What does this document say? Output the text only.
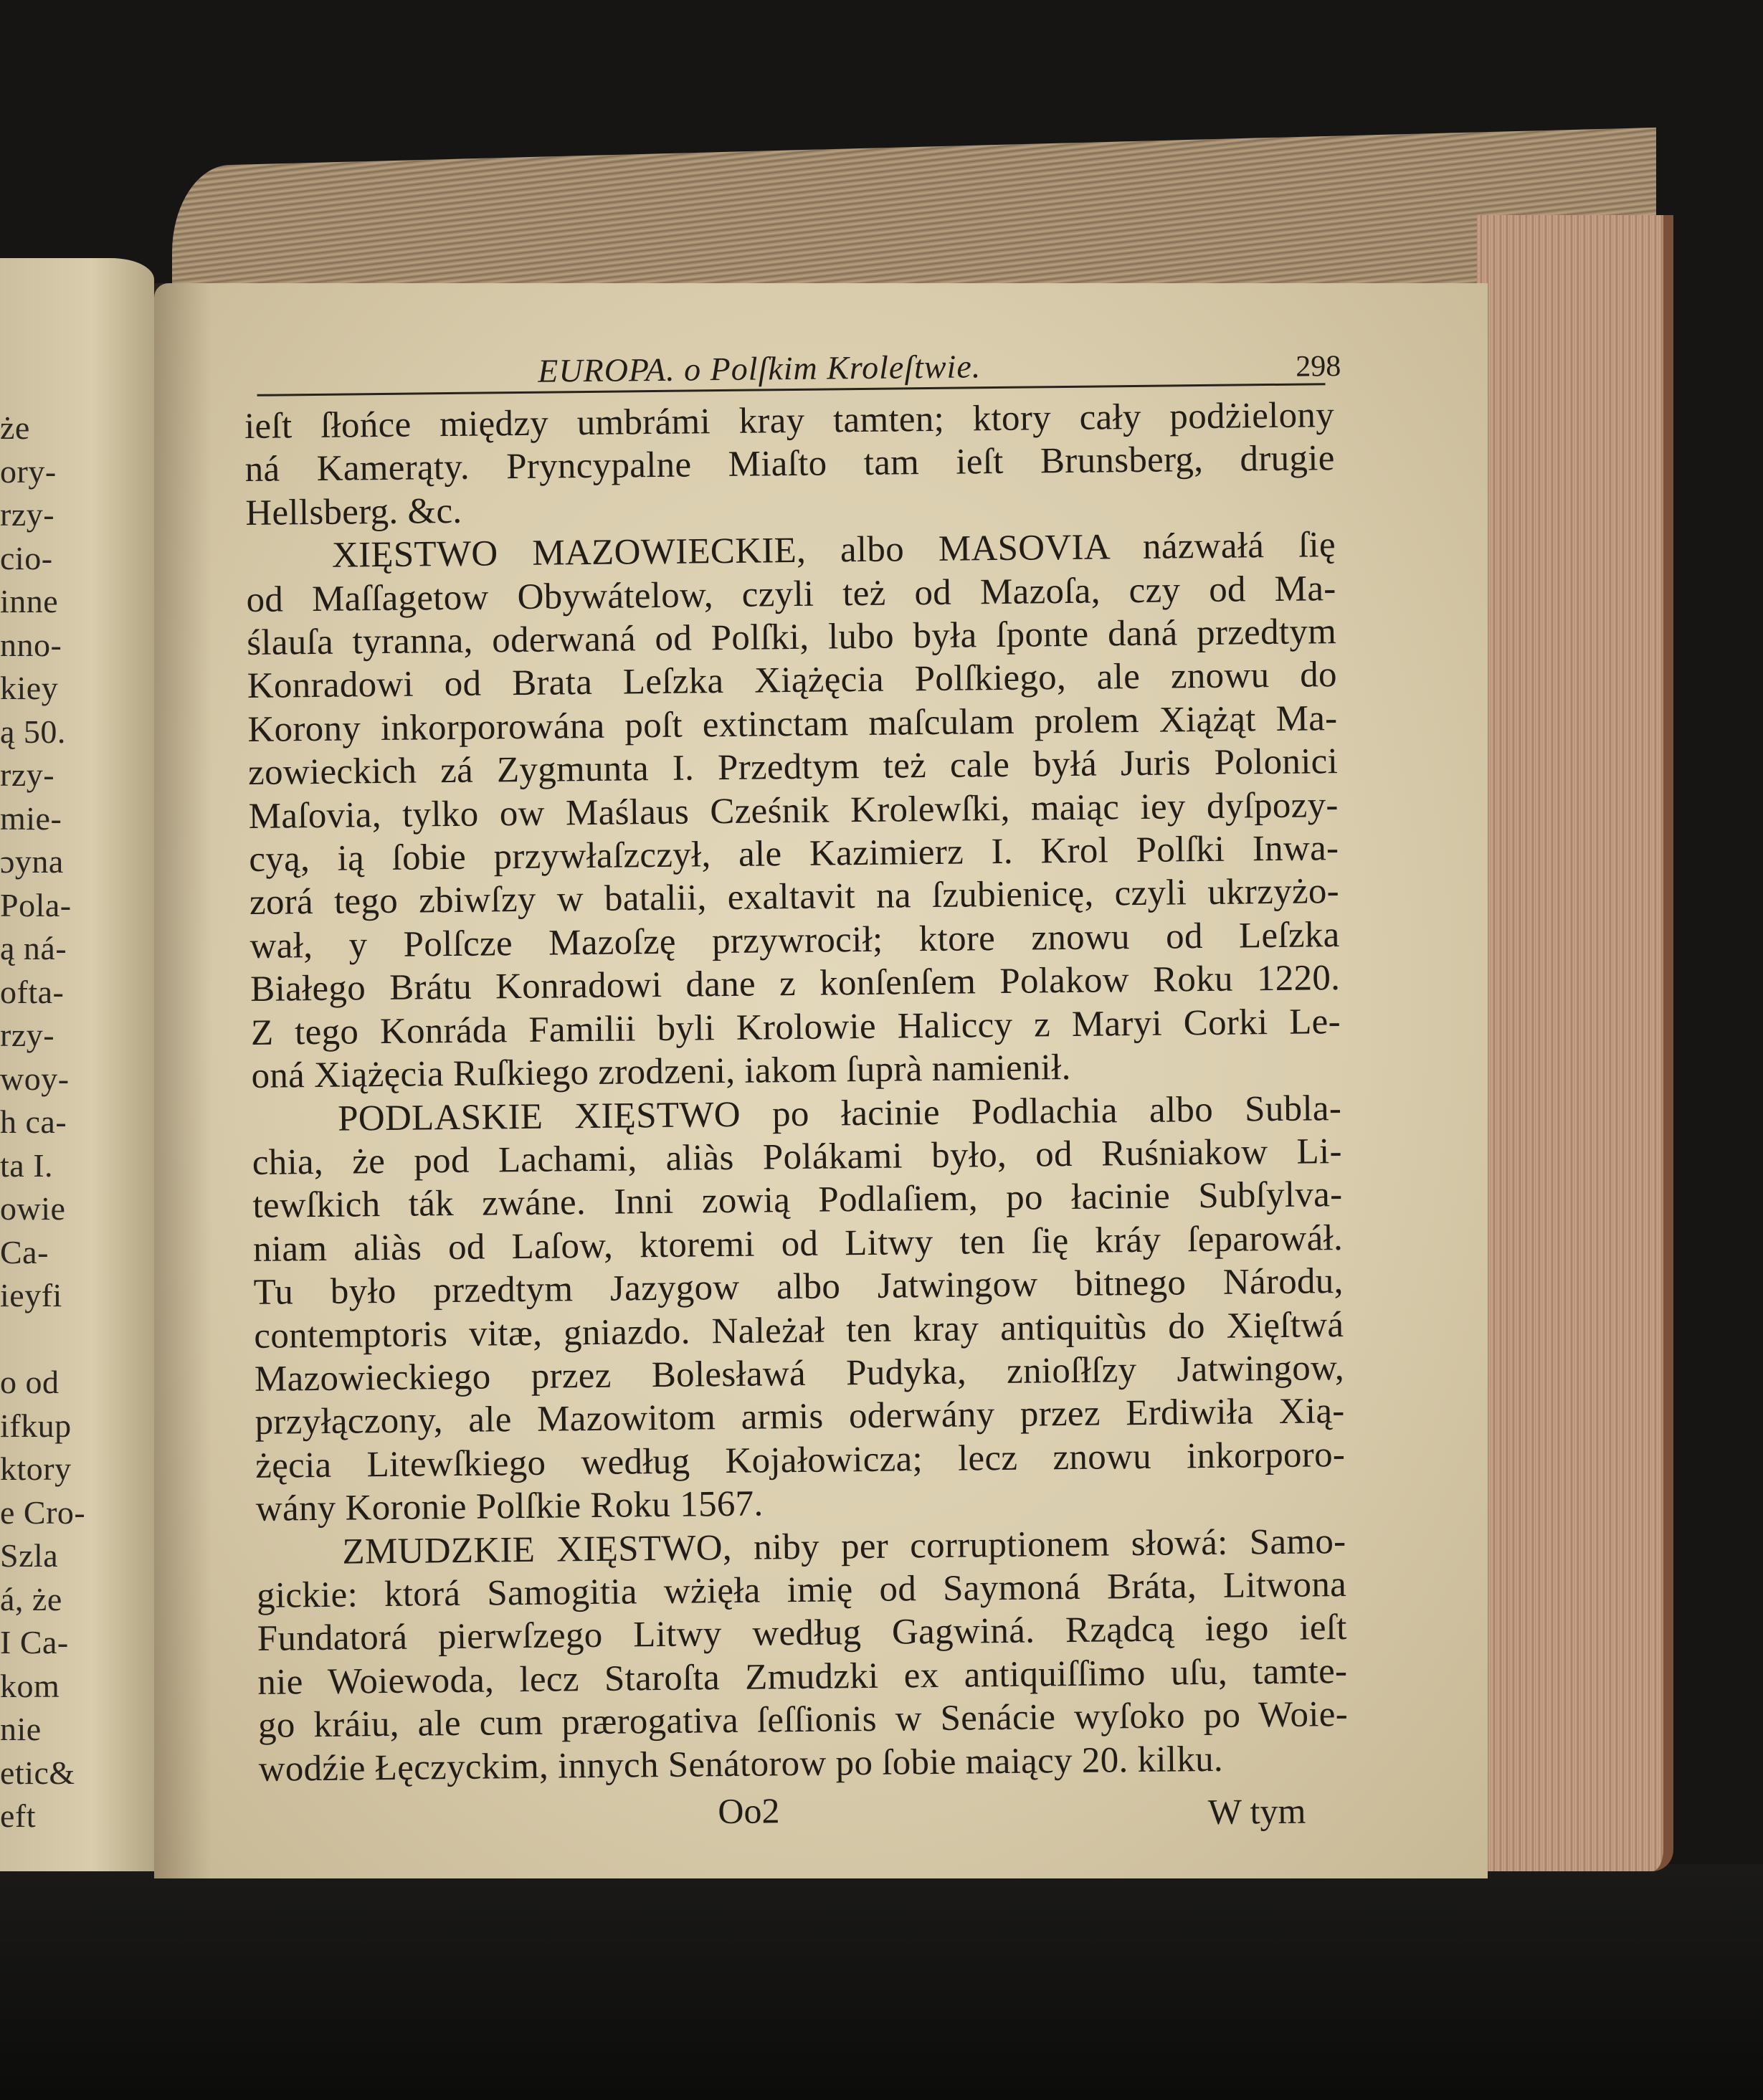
że
ory-
rzy-
cio-
inne
nno-
kiey
ą 50.
rzy-
mie-
ɔyna
Pola-
ą ná-
ofta-
rzy-
woy-
h ca-
ta I.
owie
Ca-
ieyfi
o od
ifkup
ktory
e Cro-
Szla
á, że
I Ca-
kom
nie
etic&
eft
EUROPA. o Polſkim Kroleſtwie.	298
ieſt ſłońce między umbrámi kray tamten; ktory cały podżielony
ná Kamerąty. Pryncypalne Miaſto tam ieſt Brunsberg, drugie
Hellsberg. &c.
XIĘSTWO MAZOWIECKIE, albo MASOVIA názwałá ſię
od Maſſagetow Obywátelow, czyli też od Mazoſa, czy od Ma-
ślauſa tyranna, oderwaná od Polſki, lubo była ſponte daná przedtym
Konradowi od Brata Leſzka Xiążęcia Polſkiego, ale znowu do
Korony inkorporowána poſt extinctam maſculam prolem Xiążąt Ma-
zowieckich zá Zygmunta I. Przedtym też cale byłá Juris Polonici
Maſovia, tylko ow Maślaus Cześnik Krolewſki, maiąc iey dyſpozy-
cyą, ią ſobie przywłaſzczył, ale Kazimierz I. Krol Polſki Inwa-
zorá tego zbiwſzy w batalii, exaltavit na ſzubienicę, czyli ukrzyżo-
wał, y Polſcze Mazoſzę przywrocił; ktore znowu od Leſzka
Białego Brátu Konradowi dane z konſenſem Polakow Roku 1220.
Z tego Konráda Familii byli Krolowie Haliccy z Maryi Corki Le-
oná Xiążęcia Ruſkiego zrodzeni, iakom ſuprà namienił.
PODLASKIE XIĘSTWO po łacinie Podlachia albo Subla-
chia, że pod Lachami, aliàs Polákami było, od Ruśniakow Li-
tewſkich ták zwáne. Inni zowią Podlaſiem, po łacinie Subſylva-
niam aliàs od Laſow, ktoremi od Litwy ten ſię kráy ſeparowáł.
Tu było przedtym Jazygow albo Jatwingow bitnego Národu,
contemptoris vitæ, gniazdo. Należał ten kray antiquitùs do Xięſtwá
Mazowieckiego przez Bolesławá Pudyka, znioſłſzy Jatwingow,
przyłączony, ale Mazowitom armis oderwány przez Erdiwiła Xią-
żęcia Litewſkiego według Kojałowicza; lecz znowu inkorporo-
wány Koronie Polſkie Roku 1567.
ZMUDZKIE XIĘSTWO, niby per corruptionem słowá: Samo-
gickie: ktorá Samogitia wżięła imię od Saymoná Bráta, Litwona
Fundatorá pierwſzego Litwy według Gagwiná. Rządcą iego ieſt
nie Woiewoda, lecz Staroſta Zmudzki ex antiquiſſimo uſu, tamte-
go kráiu, ale cum prærogativa ſeſſionis w Senácie wyſoko po Woie-
wodźie Łęczyckim, innych Senátorow po ſobie maiący 20. kilku.
Oo2	W tym
